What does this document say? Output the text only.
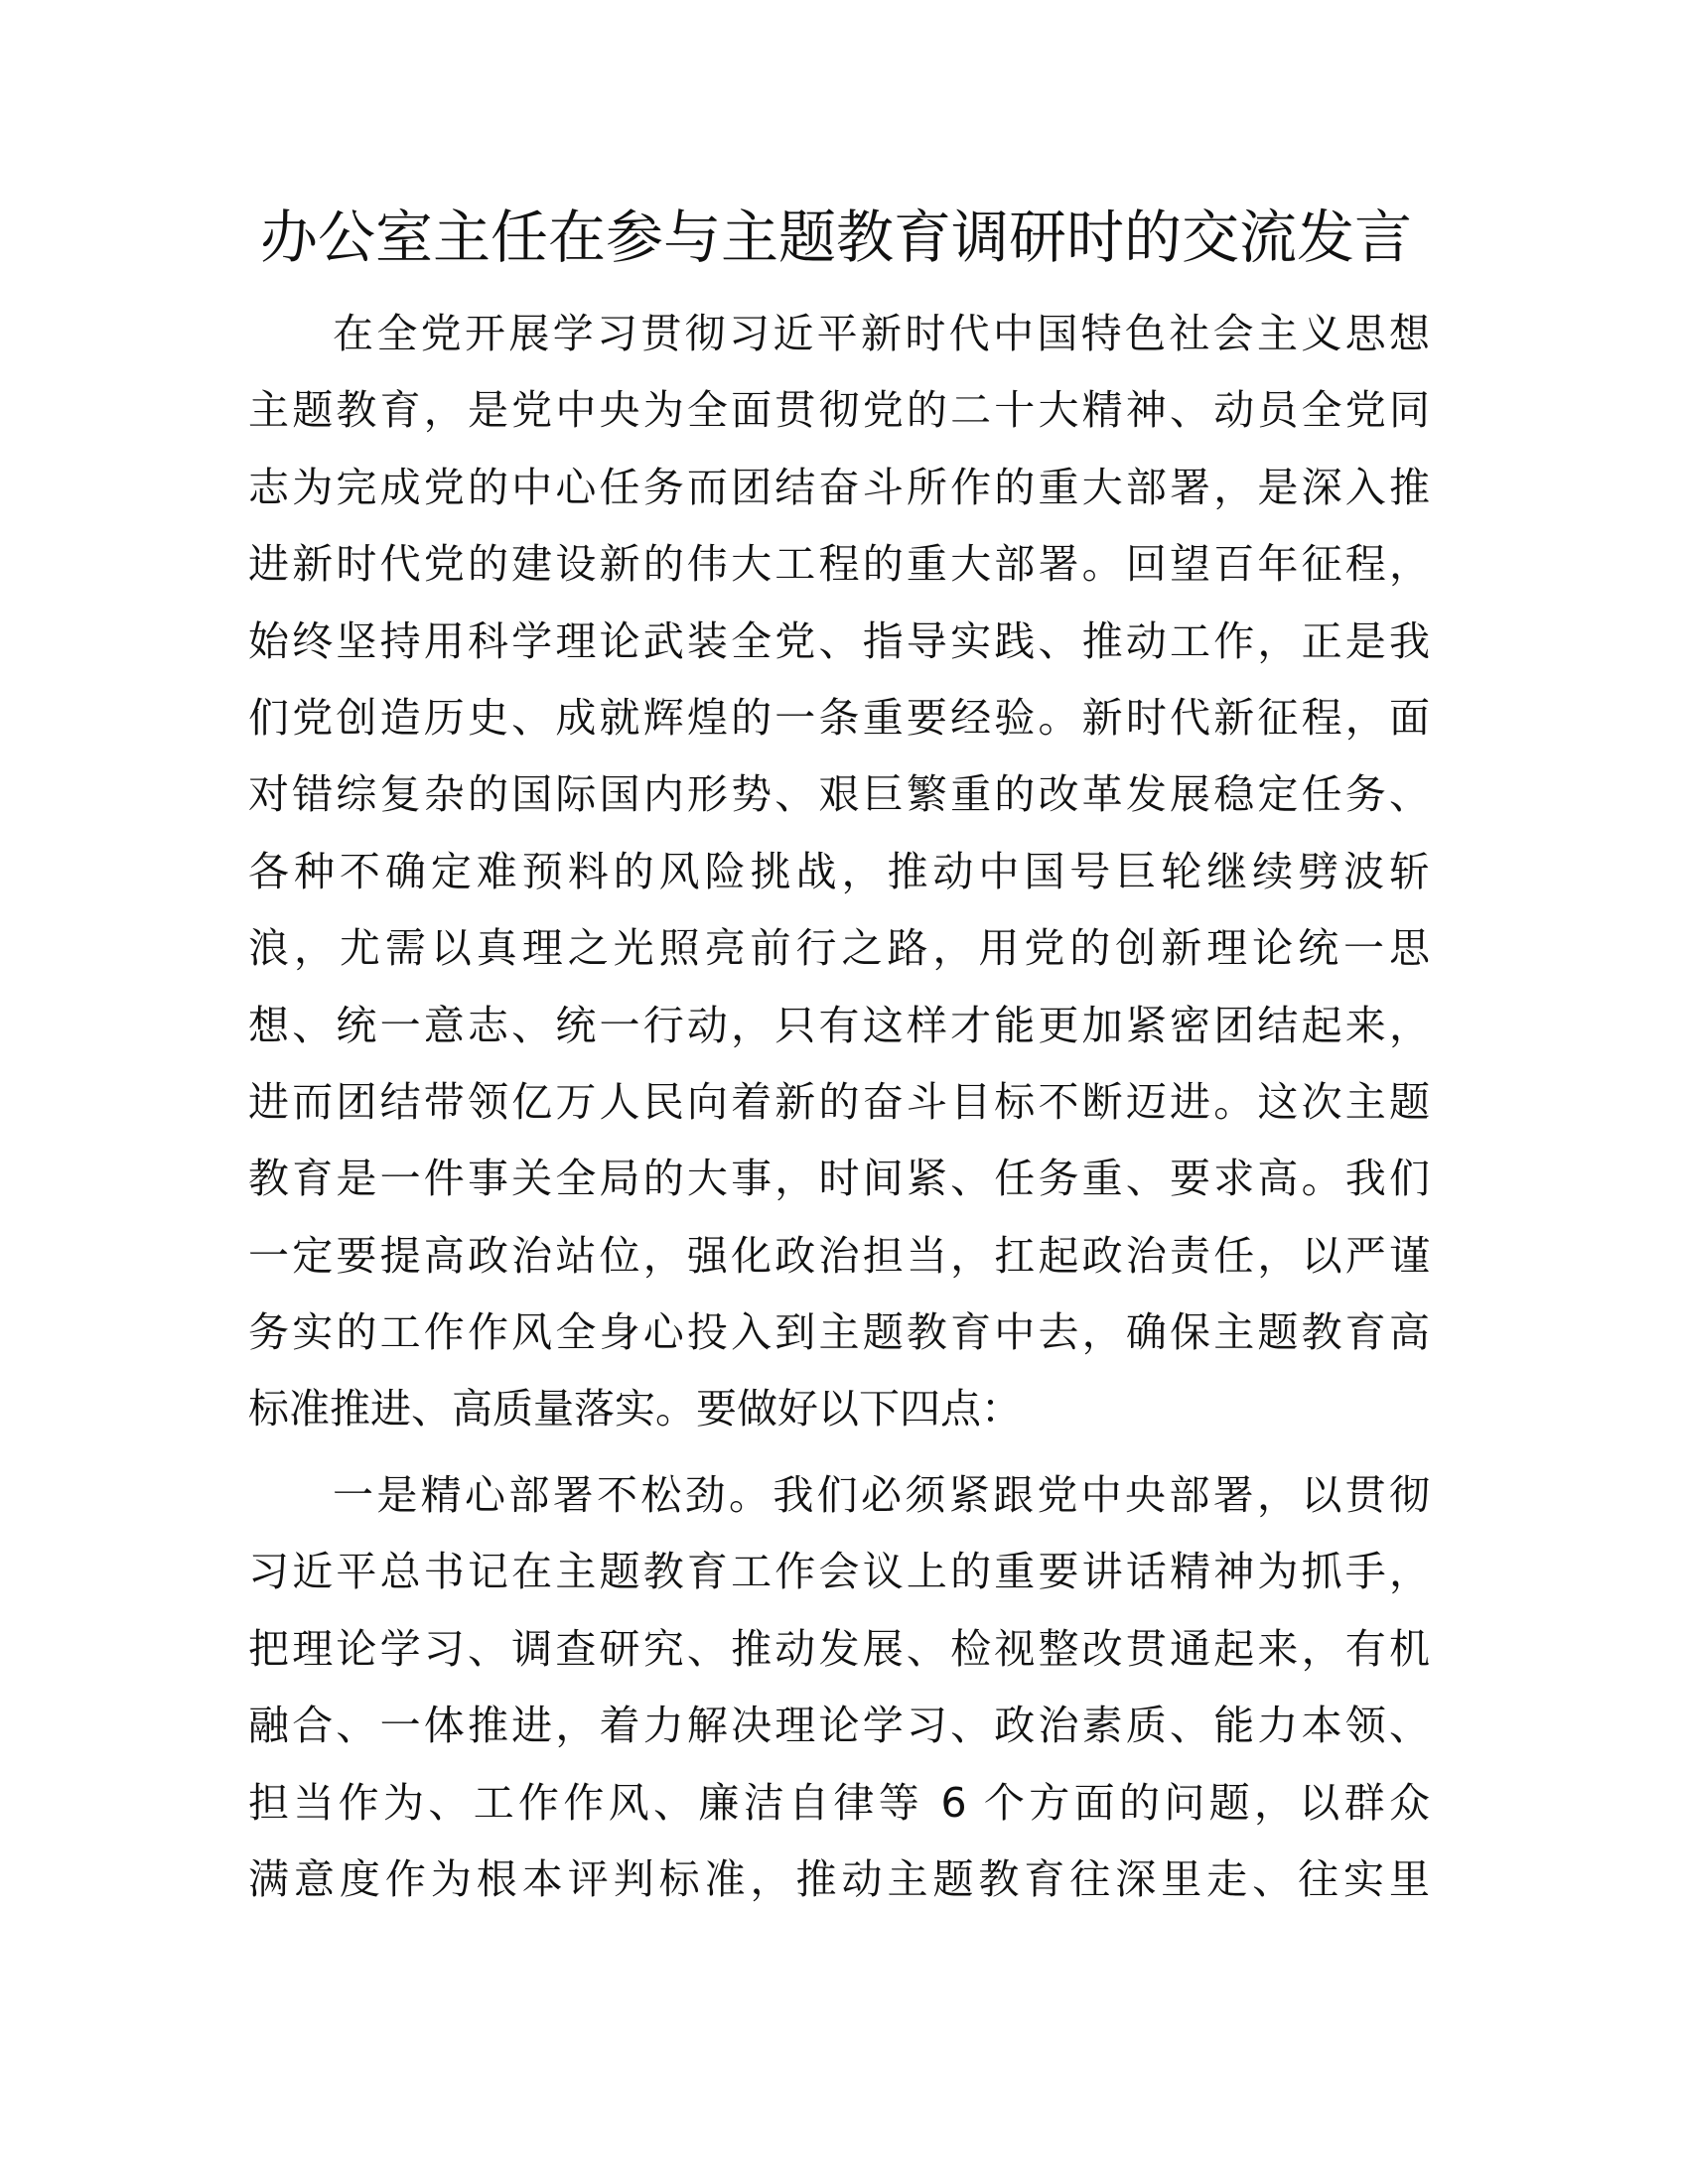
办公室主任在参与主题教育调研时的交流发言
在全党开展学习贯彻习近平新时代中国特色社会主义思想
主题教育，是党中央为全面贯彻党的二十大精神、动员全党同
志为完成党的中心任务而团结奋斗所作的重大部署，是深入推
进新时代党的建设新的伟大工程的重大部署。回望百年征程，
始终坚持用科学理论武装全党、指导实践、推动工作，正是我
们党创造历史、成就辉煌的一条重要经验。新时代新征程，面
对错综复杂的国际国内形势、艰巨繁重的改革发展稳定任务、
各种不确定难预料的风险挑战，推动中国号巨轮继续劈波斩
浪，尤需以真理之光照亮前行之路，用党的创新理论统一思
想、统一意志、统一行动，只有这样才能更加紧密团结起来，
进而团结带领亿万人民向着新的奋斗目标不断迈进。这次主题
教育是一件事关全局的大事，时间紧、任务重、要求高。我们
一定要提高政治站位，强化政治担当，扛起政治责任，以严谨
务实的工作作风全身心投入到主题教育中去，确保主题教育高
标准推进、高质量落实。要做好以下四点：
一是精心部署不松劲。我们必须紧跟党中央部署，以贯彻
习近平总书记在主题教育工作会议上的重要讲话精神为抓手，
把理论学习、调查研究、推动发展、检视整改贯通起来，有机
融合、一体推进，着力解决理论学习、政治素质、能力本领、
担当作为、工作作风、廉洁自律等 6 个方面的问题，以群众
满意度作为根本评判标准，推动主题教育往深里走、往实里
